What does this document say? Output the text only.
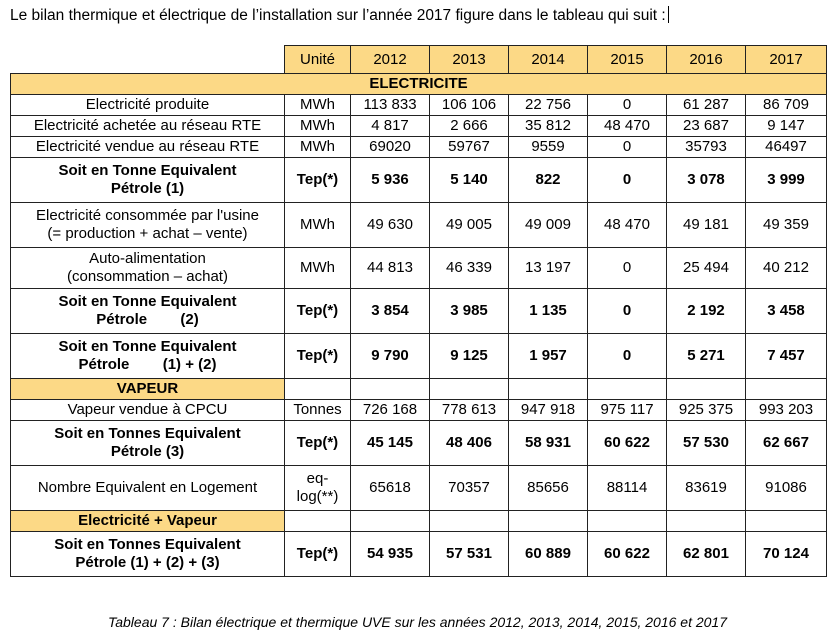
Le bilan thermique et électrique de l’installation sur l’année 2017 figure dans le tableau qui suit :
	Unité	2012	2013	2014	2015	2016	2017
ELECTRICITE							
Electricité produite	MWh	113 833	106 106	22 756	0	61 287	86 709
Electricité achetée au réseau RTE	MWh	4 817	2 666	35 812	48 470	23 687	9 147
Electricité vendue au réseau RTE	MWh	69020	59767	9559	0	35793	46497
Soit en Tonne Equivalent
Pétrole (1)	Tep(*)	5 936	5 140	822	0	3 078	3 999
Electricité consommée par l'usine
(= production + achat – vente)	MWh	49 630	49 005	49 009	48 470	49 181	49 359
Auto-alimentation
(consommation – achat)	MWh	44 813	46 339	13 197	0	25 494	40 212
Soit en Tonne Equivalent
Pétrole        (2)	Tep(*)	3 854	3 985	1 135	0	2 192	3 458
Soit en Tonne Equivalent
Pétrole        (1) + (2)	Tep(*)	9 790	9 125	1 957	0	5 271	7 457
VAPEUR							
Vapeur vendue à CPCU	Tonnes	726 168	778 613	947 918	975 117	925 375	993 203
Soit en Tonnes Equivalent
Pétrole (3)	Tep(*)	45 145	48 406	58 931	60 622	57 530	62 667
Nombre Equivalent en Logement	eq-
log(**)	65618	70357	85656	88114	83619	91086
Electricité + Vapeur							
Soit en Tonnes Equivalent
Pétrole (1) + (2) + (3)	Tep(*)	54 935	57 531	60 889	60 622	62 801	70 124
Tableau 7 : Bilan électrique et thermique UVE sur les années 2012, 2013, 2014, 2015, 2016 et 2017
